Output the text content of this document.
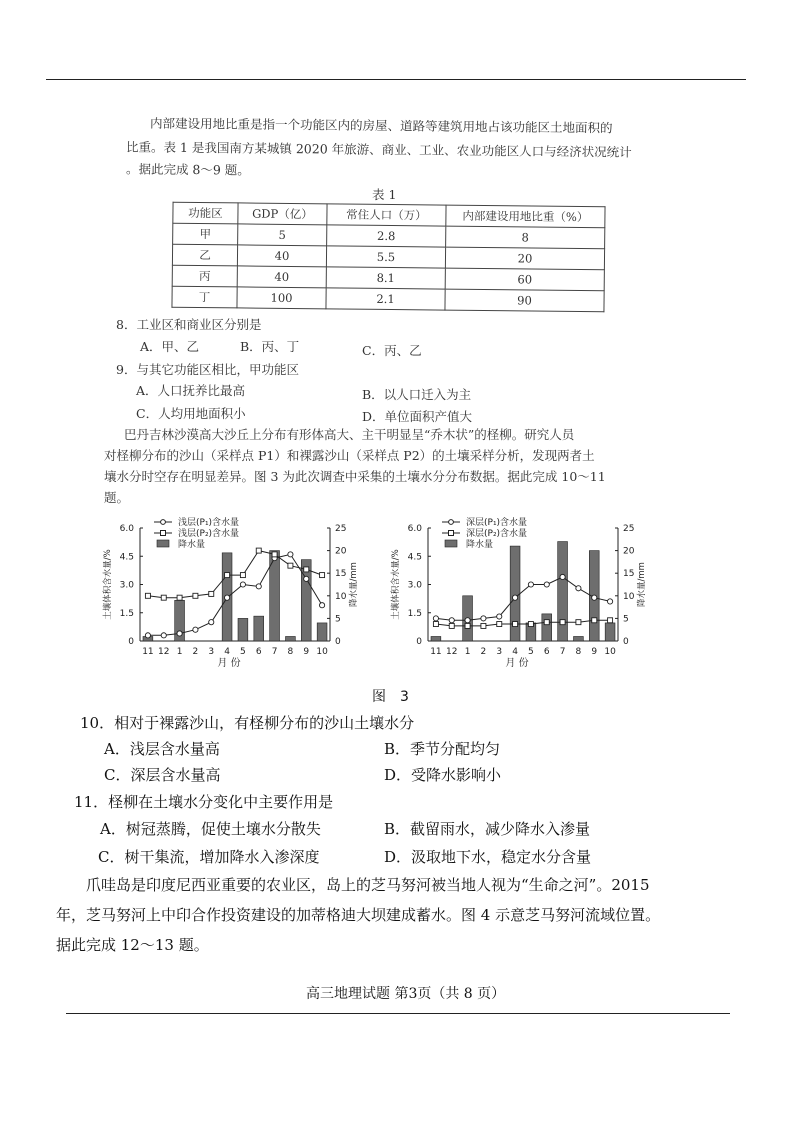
内部建设用地比重是指一个功能区内的房屋、道路等建筑用地占该功能区土地面积的
比重。表 1 是我国南方某城镇 2020 年旅游、商业、工业、农业功能区人口与经济状况统计
。据此完成 8～9 题。
表 1
功能区	GDP（亿）	常住人口（万）	内部建设用地比重（%）
甲	5	2.8	8
乙	40	5.5	20
丙	40	8.1	60
丁	100	2.1	90
8．工业区和商业区分别是
A．甲、乙	B．丙、丁	C．丙、乙
9．与其它功能区相比，甲功能区
A．人口抚养比最高	B．以人口迁入为主
C．人均用地面积小	D．单位面积产值大
巴丹吉林沙漠高大沙丘上分布有形体高大、主干明显呈“乔木状”的柽柳。研究人员
对柽柳分布的沙山（采样点 P1）和裸露沙山（采样点 P2）的土壤采样分析，发现两者土
壤水分时空存在明显差异。图 3 为此次调查中采集的土壤水分分布数据。据此完成 10～11
题。
0
1.5
3.0
4.5
6.0
0
5
10
15
20
25
土壤体积含水量/%	降水量/mm
月 份
11 12 1 2 3 4 5 6 7 8 9 10
浅层(P₁)含水量
浅层(P₂)含水量
降水量
0
1.5
3.0
4.5
6.0
0
5
10
15
20
25
土壤体积含水量/%	降水量/mm
月 份
11 12 1 2 3 4 5 6 7 8 9 10
深层(P₁)含水量
深层(P₂)含水量
降水量
图　3
10．相对于裸露沙山，有柽柳分布的沙山土壤水分
A．浅层含水量高	B．季节分配均匀
C．深层含水量高	D．受降水影响小
11．柽柳在土壤水分变化中主要作用是
A．树冠蒸腾，促使土壤水分散失	B．截留雨水，减少降水入渗量
C．树干集流，增加降水入渗深度	D．汲取地下水，稳定水分含量
爪哇岛是印度尼西亚重要的农业区，岛上的芝马努河被当地人视为“生命之河”。2015
年，芝马努河上中印合作投资建设的加蒂格迪大坝建成蓄水。图 4 示意芝马努河流域位置。
据此完成 12～13 题。
高三地理试题 第3页（共 8 页）
